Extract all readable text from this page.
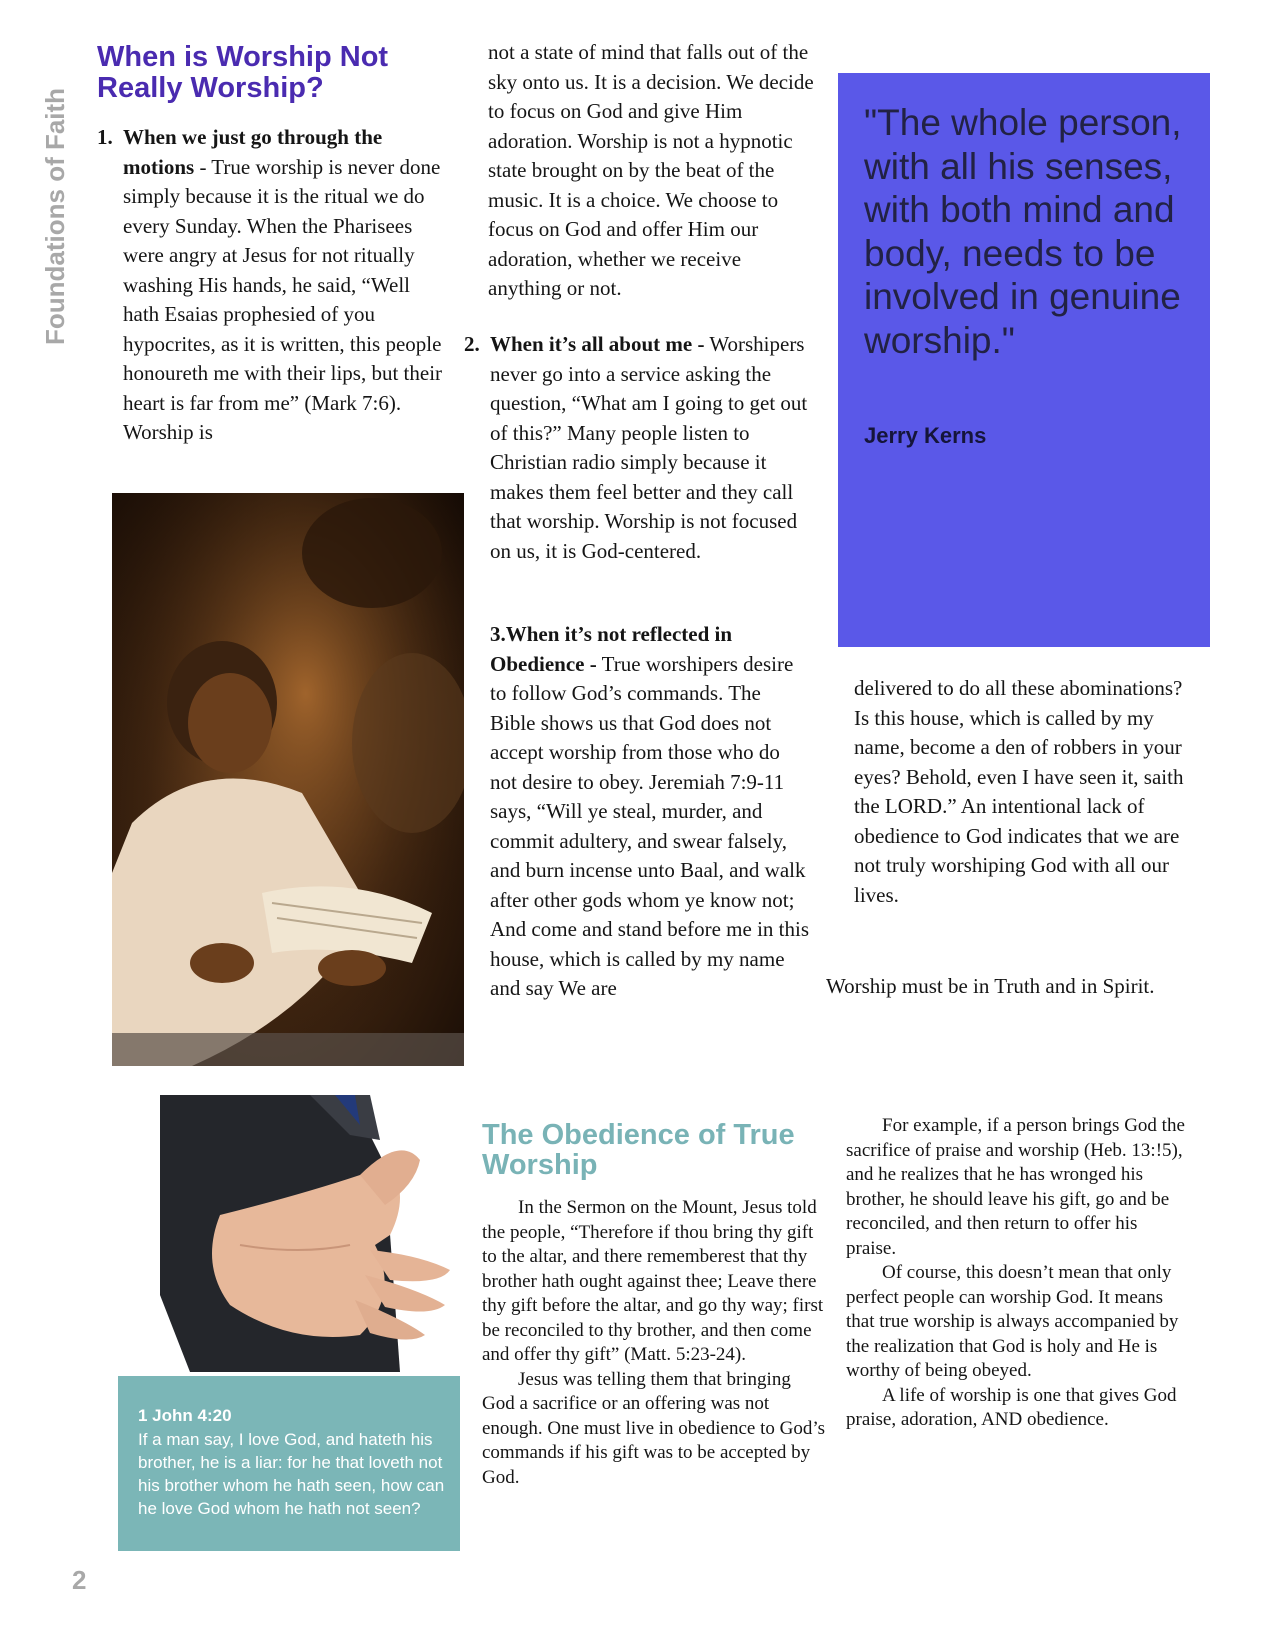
Foundations of Faith
When is Worship Not Really Worship?
1. When we just go through the motions - True worship is never done simply because it is the ritual we do every Sunday. When the Pharisees were angry at Jesus for not ritually washing His hands, he said, “Well hath Esaias prophesied of you hypocrites, as it is written, this people honoureth me with their lips, but their heart is far from me” (Mark 7:6). Worship is
not a state of mind that falls out of the sky onto us. It is a decision. We decide to focus on God and give Him adoration. Worship is not a hypnotic state brought on by the beat of the music. It is a choice. We choose to focus on God and offer Him our adoration, whether we receive anything or not.
2. When it’s all about me - Worshipers never go into a service asking the question, “What am I going to get out of this?” Many people listen to Christian radio simply because it makes them feel better and they call that worship. Worship is not focused on us, it is God-centered.
3.When it’s not reflected in Obedience - True worshipers desire to follow God’s commands. The Bible shows us that God does not accept worship from those who do not desire to obey. Jeremiah 7:9-11 says, “Will ye steal, murder, and commit adultery, and swear falsely, and burn incense unto Baal, and walk after other gods whom ye know not; And come and stand before me in this house, which is called by my name and say We are
"The whole person, with all his senses, with both mind and body, needs to be involved in genuine worship."
Jerry Kerns
delivered to do all these abominations? Is this house, which is called by my name, become a den of robbers in your eyes? Behold, even I have seen it, saith the LORD.” An intentional lack of obedience to God indicates that we are not truly worshiping God with all our lives.
Worship must be in Truth and in Spirit.
1 John 4:20
If a man say, I love God, and hateth his brother, he is a liar: for he that loveth not his brother whom he hath seen, how can he love God whom he hath not seen?
The Obedience of True Worship

In the Sermon on the Mount, Jesus told the people, “Therefore if thou bring thy gift to the altar, and there rememberest that thy brother hath ought against thee; Leave there thy gift before the altar, and go thy way; first be reconciled to thy brother, and then come and offer thy gift” (Matt. 5:23-24).

Jesus was telling them that bringing God a sacrifice or an offering was not enough. One must live in obedience to God’s commands if his gift was to be accepted by God.

For example, if a person brings God the sacrifice of praise and worship (Heb. 13:!5), and he realizes that he has wronged his brother, he should leave his gift, go and be reconciled, and then return to offer his praise.

Of course, this doesn’t mean that only perfect people can worship God. It means that true worship is always accompanied by the realization that God is holy and He is worthy of being obeyed.

A life of worship is one that gives God praise, adoration, AND obedience.

2
